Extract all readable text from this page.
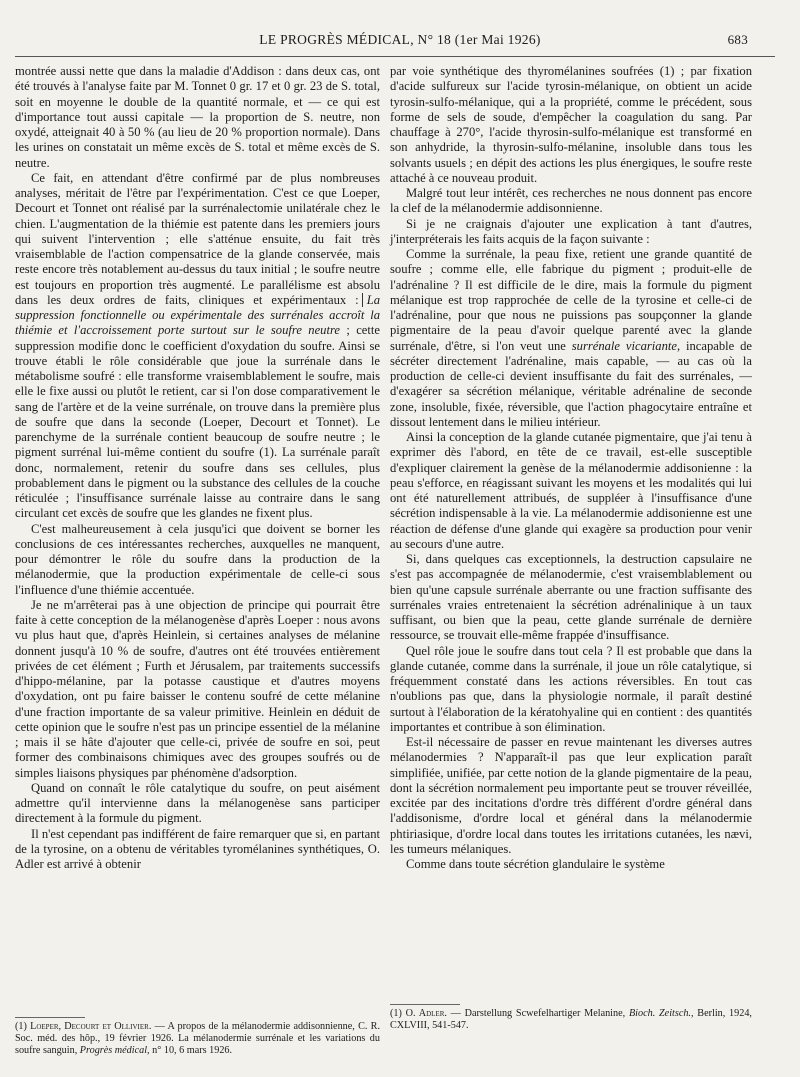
LE PROGRÈS MÉDICAL, N° 18 (1er Mai 1926)	683

montrée aussi nette que dans la maladie d'Addison : dans deux cas, ont été trouvés à l'analyse faite par M. Tonnet 0 gr. 17 et 0 gr. 23 de S. total, soit en moyenne le double de la quantité normale, et — ce qui est d'importance tout aussi capitale — la proportion de S. neutre, non oxydé, atteignait 40 à 50 % (au lieu de 20 % proportion normale). Dans les urines on constatait un même excès de S. total et même excès de S. neutre.

Ce fait, en attendant d'être confirmé par de plus nombreuses analyses, méritait de l'être par l'expérimentation. C'est ce que Loeper, Decourt et Tonnet ont réalisé par la surrénalectomie unilatérale chez le chien. L'augmentation de la thiémie est patente dans les premiers jours qui suivent l'intervention ; elle s'atténue ensuite, du fait très vraisemblable de l'action compensatrice de la glande conservée, mais reste encore très notablement au-dessus du taux initial ; le soufre neutre est toujours en proportion très augmenté. Le parallélisme est absolu dans les deux ordres de faits, cliniques et expérimentaux : La suppression fonctionnelle ou expérimentale des surrénales accroît la thiémie et l'accroissement porte surtout sur le soufre neutre ; cette suppression modifie donc le coefficient d'oxydation du soufre. Ainsi se trouve établi le rôle considérable que joue la surrénale dans le métabolisme soufré : elle transforme vraisemblablement le soufre, mais elle le fixe aussi ou plutôt le retient, car si l'on dose comparativement le sang de l'artère et de la veine surrénale, on trouve dans la première plus de soufre que dans la seconde (Loeper, Decourt et Tonnet). Le parenchyme de la surrénale contient beaucoup de soufre neutre ; le pigment surrénal lui-même contient du soufre (1). La surrénale paraît donc, normalement, retenir du soufre dans ses cellules, plus probablement dans le pigment ou la substance des cellules de la couche réticulée ; l'insuffisance surrénale laisse au contraire dans le sang circulant cet excès de soufre que les glandes ne fixent plus.

C'est malheureusement à cela jusqu'ici que doivent se borner les conclusions de ces intéressantes recherches, auxquelles ne manquent, pour démontrer le rôle du soufre dans la production de la mélanodermie, que la production expérimentale de celle-ci sous l'influence d'une thiémie accentuée.

Je ne m'arrêterai pas à une objection de principe qui pourrait être faite à cette conception de la mélanogenèse d'après Loeper : nous avons vu plus haut que, d'après Heinlein, si certaines analyses de mélanine donnent jusqu'à 10 % de soufre, d'autres ont été trouvées entièrement privées de cet élément ; Furth et Jérusalem, par traitements successifs d'hippo-mélanine, par la potasse caustique et d'autres moyens d'oxydation, ont pu faire baisser le contenu soufré de cette mélanine d'une fraction importante de sa valeur primitive. Heinlein en déduit de cette opinion que le soufre n'est pas un principe essentiel de la mélanine ; mais il se hâte d'ajouter que celle-ci, privée de soufre en soi, peut former des combinaisons chimiques avec des groupes soufrés ou de simples liaisons physiques par phénomène d'adsorption.

Quand on connaît le rôle catalytique du soufre, on peut aisément admettre qu'il intervienne dans la mélanogenèse sans participer directement à la formule du pigment.

Il n'est cependant pas indifférent de faire remarquer que si, en partant de la tyrosine, on a obtenu de véritables tyromélanines synthétiques, O. Adler est arrivé à obtenir

(1) Loeper, Decourt et Ollivier. — A propos de la mélanodermie addisonnienne, C. R. Soc. méd. des hôp., 19 février 1926. La mélanodermie surrénale et les variations du soufre sanguin, Progrès médical, n° 10, 6 mars 1926.

par voie synthétique des thyromélanines soufrées (1) ; par fixation d'acide sulfureux sur l'acide tyrosin-mélanique, on obtient un acide tyrosin-sulfo-mélanique, qui a la propriété, comme le précédent, sous forme de sels de soude, d'empêcher la coagulation du sang. Par chauffage à 270°, l'acide thyrosin-sulfo-mélanique est transformé en son anhydride, la thyrosin-sulfo-mélanine, insoluble dans tous les solvants usuels ; en dépit des actions les plus énergiques, le soufre reste attaché à ce nouveau produit.

Malgré tout leur intérêt, ces recherches ne nous donnent pas encore la clef de la mélanodermie addisonnienne.

Si je ne craignais d'ajouter une explication à tant d'autres, j'interpréterais les faits acquis de la façon suivante :

Comme la surrénale, la peau fixe, retient une grande quantité de soufre ; comme elle, elle fabrique du pigment ; produit-elle de l'adrénaline ? Il est difficile de le dire, mais la formule du pigment mélanique est trop rapprochée de celle de la tyrosine et celle-ci de l'adrénaline, pour que nous ne puissions pas soupçonner la glande pigmentaire de la peau d'avoir quelque parenté avec la glande surrénale, d'être, si l'on veut une surrénale vicariante, incapable de sécréter directement l'adrénaline, mais capable, — au cas où la production de celle-ci devient insuffisante du fait des surrénales, — d'exagérer sa sécrétion mélanique, véritable adrénaline de seconde zone, insoluble, fixée, réversible, que l'action phagocytaire entraîne et dissout lentement dans le milieu intérieur.

Ainsi la conception de la glande cutanée pigmentaire, que j'ai tenu à exprimer dès l'abord, en tête de ce travail, est-elle susceptible d'expliquer clairement la genèse de la mélanodermie addisonienne : la peau s'efforce, en réagissant suivant les moyens et les modalités qui lui ont été naturellement attribués, de suppléer à l'insuffisance d'une sécrétion indispensable à la vie. La mélanodermie addisonienne est une réaction de défense d'une glande qui exagère sa production pour venir au secours d'une autre.

Si, dans quelques cas exceptionnels, la destruction capsulaire ne s'est pas accompagnée de mélanodermie, c'est vraisemblablement ou bien qu'une capsule surrénale aberrante ou une fraction suffisante des surrénales vraies entretenaient la sécrétion adrénalinique à un taux suffisant, ou bien que la peau, cette glande surrénale de dernière ressource, se trouvait elle-même frappée d'insuffisance.

Quel rôle joue le soufre dans tout cela ? Il est probable que dans la glande cutanée, comme dans la surrénale, il joue un rôle catalytique, si fréquemment constaté dans les actions réversibles. En tout cas n'oublions pas que, dans la physiologie normale, il paraît destiné surtout à l'élaboration de la kératohyaline qui en contient : des quantités importantes et contribue à son élimination.

Est-il nécessaire de passer en revue maintenant les diverses autres mélanodermies ? N'apparaît-il pas que leur explication paraît simplifiée, unifiée, par cette notion de la glande pigmentaire de la peau, dont la sécrétion normalement peu importante peut se trouver réveillée, excitée par des incitations d'ordre très différent d'ordre général dans l'addisonisme, d'ordre local et général dans la mélanodermie phtiriasique, d'ordre local dans toutes les irritations cutanées, les nævi, les tumeurs mélaniques.

Comme dans toute sécrétion glandulaire le système

(1) O. Adler. — Darstellung Scwefelhartiger Melanine, Bioch. Zeitsch., Berlin, 1924, CXLVIII, 541-547.
